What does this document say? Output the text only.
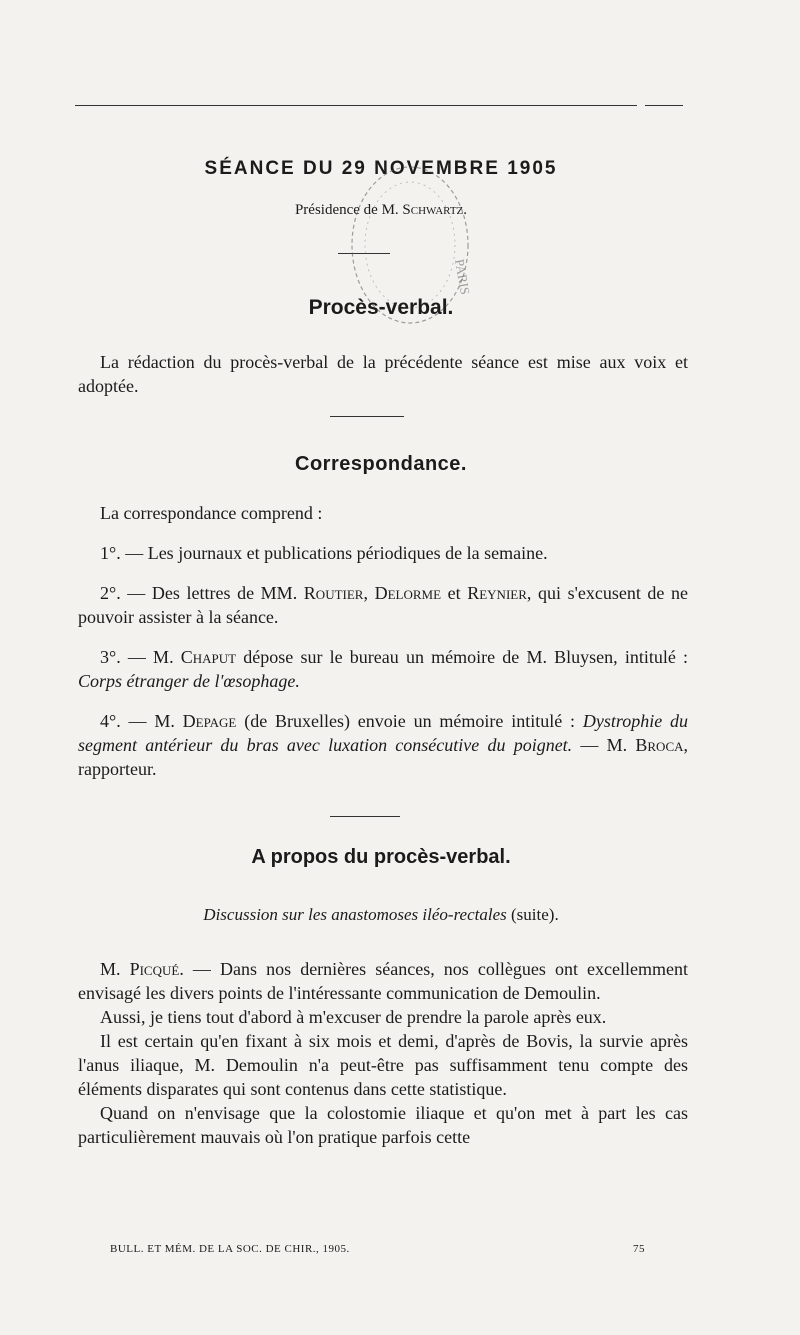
SÉANCE DU 29 NOVEMBRE 1905
Présidence de M. Schwartz.
Procès-verbal.

La rédaction du procès-verbal de la précédente séance est mise aux voix et adoptée.

Correspondance.

La correspondance comprend :

1°. — Les journaux et publications périodiques de la semaine.

2°. — Des lettres de MM. Routier, Delorme et Reynier, qui s'excusent de ne pouvoir assister à la séance.

3°. — M. Chaput dépose sur le bureau un mémoire de M. Bluysen, intitulé : Corps étranger de l'œsophage.

4°. — M. Depage (de Bruxelles) envoie un mémoire intitulé : Dystrophie du segment antérieur du bras avec luxation consécutive du poignet. — M. Broca, rapporteur.

A propos du procès-verbal.
Discussion sur les anastomoses iléo-rectales (suite).

M. Picqué. — Dans nos dernières séances, nos collègues ont excellemment envisagé les divers points de l'intéressante communication de Demoulin.

Aussi, je tiens tout d'abord à m'excuser de prendre la parole après eux.

Il est certain qu'en fixant à six mois et demi, d'après de Bovis, la survie après l'anus iliaque, M. Demoulin n'a peut-être pas suffisamment tenu compte des éléments disparates qui sont contenus dans cette statistique.

Quand on n'envisage que la colostomie iliaque et qu'on met à part les cas particulièrement mauvais où l'on pratique parfois cette

BULL. ET MÉM. DE LA SOC. DE CHIR., 1905.	75
PARIS
